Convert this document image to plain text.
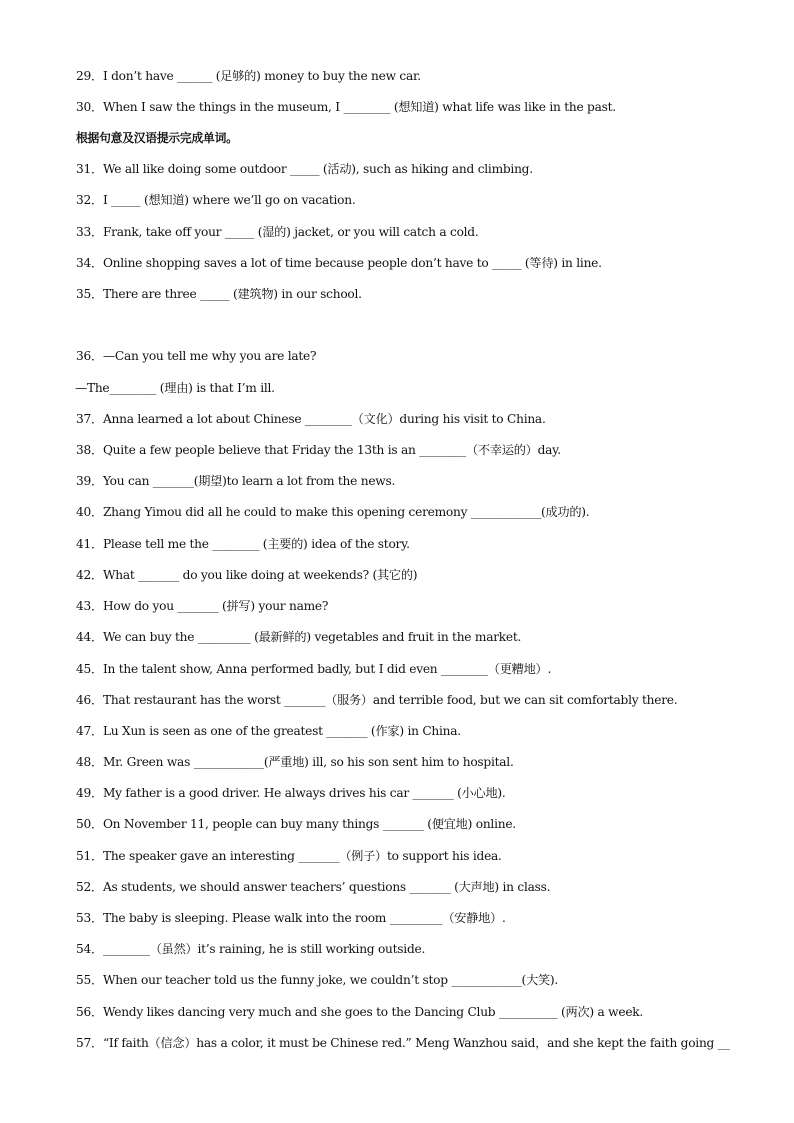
29．I don’t have ______ (足够的) money to buy the new car.
30．When I saw the things in the museum, I ________ (想知道) what life was like in the past.
根据句意及汉语提示完成单词。
31．We all like doing some outdoor _____ (活动), such as hiking and climbing.
32．I _____ (想知道) where we’ll go on vacation.
33．Frank, take off your _____ (湿的) jacket, or you will catch a cold.
34．Online shopping saves a lot of time because people don’t have to _____ (等待) in line.
35．There are three _____ (建筑物) in our school.
36．—Can you tell me why you are late?
—The________ (理由) is that I’m ill.
37．Anna learned a lot about Chinese ________（文化）during his visit to China.
38．Quite a few people believe that Friday the 13th is an ________（不幸运的）day.
39．You can _______(期望)to learn a lot from the news.
40．Zhang Yimou did all he could to make this opening ceremony ____________(成功的).
41．Please tell me the ________ (主要的) idea of the story.
42．What _______ do you like doing at weekends? (其它的)
43．How do you _______ (拼写) your name?
44．We can buy the _________ (最新鲜的) vegetables and fruit in the market.
45．In the talent show, Anna performed badly, but I did even ________（更糟地）.
46．That restaurant has the worst _______（服务）and terrible food, but we can sit comfortably there.
47．Lu Xun is seen as one of the greatest _______ (作家) in China.
48．Mr. Green was ____________(严重地) ill, so his son sent him to hospital.
49．My father is a good driver. He always drives his car _______ (小心地).
50．On November 11, people can buy many things _______ (便宜地) online.
51．The speaker gave an interesting _______（例子）to support his idea.
52．As students, we should answer teachers’ questions _______ (大声地) in class.
53．The baby is sleeping. Please walk into the room _________（安静地）.
54．________（虽然）it’s raining, he is still working outside.
55．When our teacher told us the funny joke, we couldn’t stop ____________(大笑).
56．Wendy likes dancing very much and she goes to the Dancing Club __________ (两次) a week.
57．“If faith（信念）has a color, it must be Chinese red.” Meng Wanzhou said，and she kept the faith going __
